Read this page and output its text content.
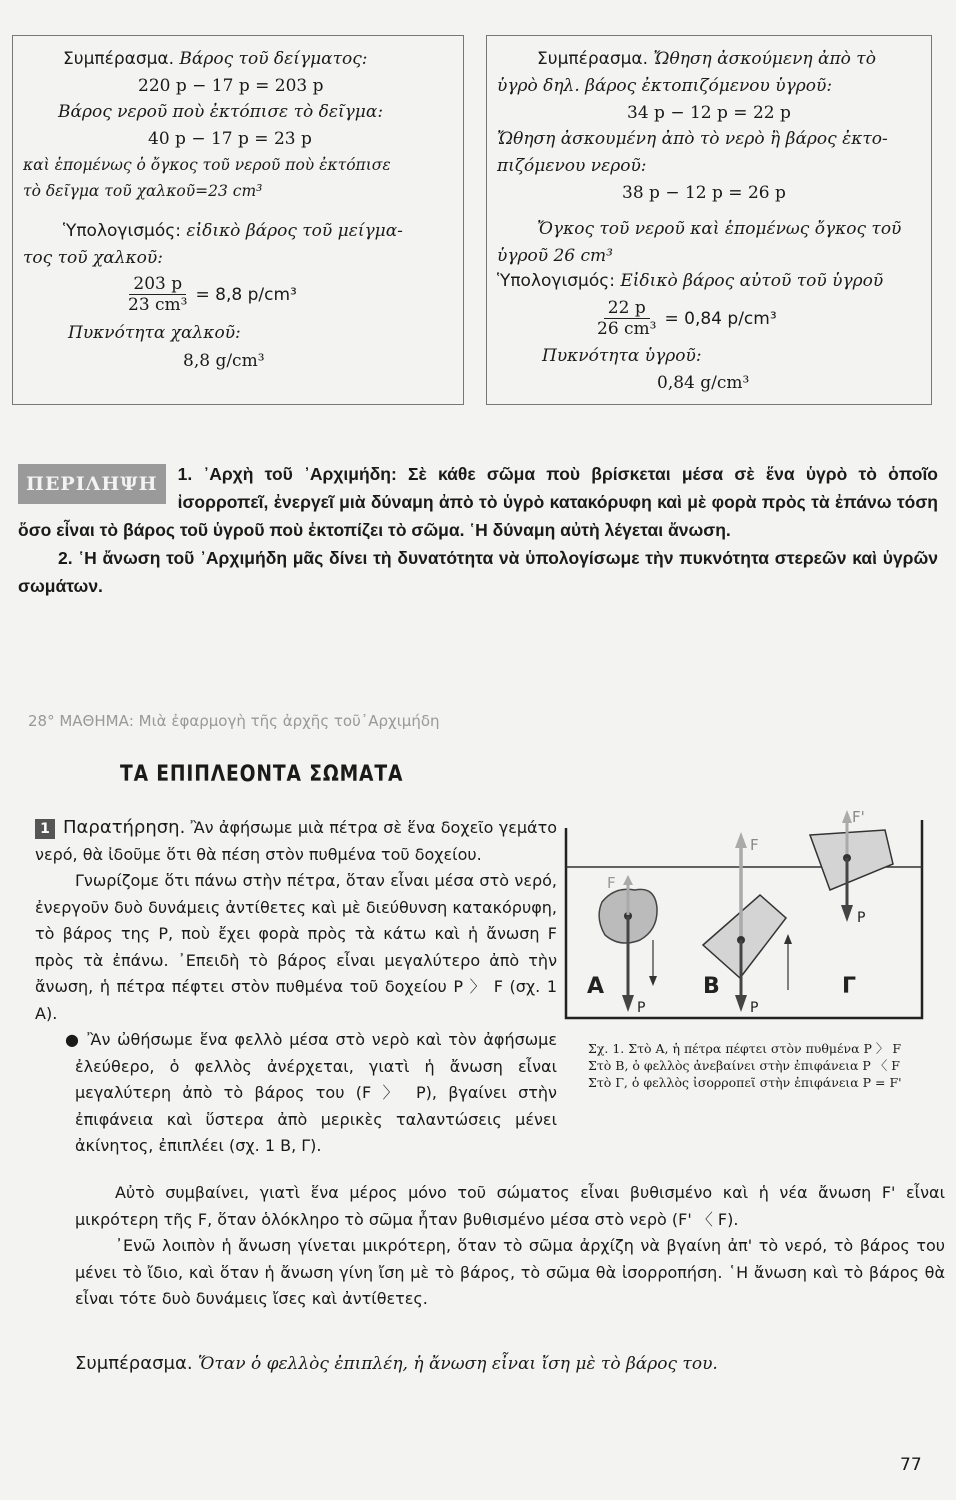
Συμπέρασμα. Βάρος τοῦ δείγματος:
220 p − 17 p = 203 p
Βάρος νεροῦ ποὺ ἐκτόπισε τὸ δεῖγμα:
40 p − 17 p = 23 p
καὶ ἑπομένως ὁ ὄγκος τοῦ νεροῦ ποὺ ἐκτόπισε
τὸ δεῖγμα τοῦ χαλκοῦ=23 cm³
Ὑπολογισμός: εἰδικὸ βάρος τοῦ μείγμα-
τος τοῦ χαλκοῦ:
$\frac{203 p}{\text{23 cm³}} = 8,8$ p/cm³
Πυκνότητα χαλκοῦ:
8,8 g/cm³
Συμπέρασμα. Ὤθηση ἀσκούμενη ἀπὸ τὸ
ὑγρὸ δηλ. βάρος ἐκτοπιζόμενου ὑγροῦ:
34 p − 12 p = 22 p
Ὤθηση ἀσκουμένη ἀπὸ τὸ νερὸ ἢ βάρος ἐκτο-
πιζόμενου νεροῦ:
38 p − 12 p = 26 p
Ὄγκος τοῦ νεροῦ καὶ ἑπομένως ὄγκος τοῦ
ὑγροῦ 26 cm³
Ὑπολογισμός: Εἰδικὸ βάρος αὐτοῦ τοῦ ὑγροῦ
$\frac{22 p}{\text{26 cm³}} = 0,84$ p/cm³
Πυκνότητα ὑγροῦ:
0,84 g/cm³
ΠΕΡΙΛΗΨΗ	1. ᾿Αρχὴ τοῦ ᾿Αρχιμήδη: Σὲ κάθε σῶμα ποὺ βρίσκεται μέσα σὲ ἕνα ὑγρὸ τὸ ὁποῖο ἰσορροπεῖ, ἐνεργεῖ μιὰ δύναμη ἀπὸ τὸ ὑγρὸ κατακόρυφη καὶ μὲ φορὰ πρὸς τὰ ἐπάνω τόση ὅσο εἶναι τὸ βάρος τοῦ ὑγροῦ ποὺ ἐκτοπίζει τὸ σῶμα. ῾Η δύναμη αὐτὴ λέγεται ἄνωση.

2. ῾Η ἄνωση τοῦ ᾿Αρχιμήδη μᾶς δίνει τὴ δυνατότητα νὰ ὑπολογίσωμε τὴν πυκνότητα στερεῶν καὶ ὑγρῶν σωμάτων.

28° ΜΑΘΗΜΑ: Μιὰ ἐφαρμογὴ τῆς ἀρχῆς τοῦ᾿Αρχιμήδη
ΤΑ ΕΠΙΠΛΕΟΝΤΑ ΣΩΜΑΤΑ

1 Παρατήρηση. Ἂν ἀφήσωμε μιὰ πέτρα σὲ ἕνα δοχεῖο γεμάτο νερό, θὰ ἰδοῦμε ὅτι θὰ πέση στὸν πυθμένα τοῦ δοχείου.

Γνωρίζομε ὅτι πάνω στὴν πέτρα, ὅταν εἶναι μέσα στὸ νερό, ἐνεργοῦν δυὸ δυνάμεις ἀντίθετες καὶ μὲ διεύθυνση κατακόρυφη, τὸ βάρος της P, ποὺ ἔχει φορὰ πρὸς τὰ κάτω καὶ ἡ ἄνωση F πρὸς τὰ ἐπάνω. ᾿Επειδὴ τὸ βάρος εἶναι μεγαλύτερο ἀπὸ τὴν ἄνωση, ἡ πέτρα πέφτει στὸν πυθμένα τοῦ δοχείου P 〉 F (σχ. 1 A).

● Ἂν ὠθήσωμε ἕνα φελλὸ μέσα στὸ νερὸ καὶ τὸν ἀφήσωμε ἐλεύθερο, ὁ φελλὸς ἀνέρχεται, γιατὶ ἡ ἄνωση εἶναι μεγαλύτερη ἀπὸ τὸ βάρος του (F 〉 P), βγαίνει στὴν ἐπιφάνεια καὶ ὕστερα ἀπὸ μερικὲς ταλαντώσεις μένει ἀκίνητος, ἐπιπλέει (σχ. 1 B, Γ).

Αὐτὸ συμβαίνει, γιατὶ ἕνα μέρος μόνο τοῦ σώματος εἶναι βυθισμένο καὶ ἡ νέα ἄνωση F' εἶναι μικρότερη τῆς F, ὅταν ὁλόκληρο τὸ σῶμα ἦταν βυθισμένο μέσα στὸ νερὸ (F' 〈 F).

᾿Ενῶ λοιπὸν ἡ ἄνωση γίνεται μικρότερη, ὅταν τὸ σῶμα ἀρχίζη νὰ βγαίνη ἀπ' τὸ νερό, τὸ βάρος του μένει τὸ ἴδιο, καὶ ὅταν ἡ ἄνωση γίνη ἴση μὲ τὸ βάρος, τὸ σῶμα θὰ ἰσορροπήση. ῾Η ἄνωση καὶ τὸ βάρος θὰ εἶναι τότε δυὸ δυνάμεις ἴσες καὶ ἀντίθετες.

A	B	Γ
F
F
F'
P	P
P
Σχ. 1. Στὸ A, ἡ πέτρα πέφτει στὸν πυθμένα P 〉 F
Στὸ B, ὁ φελλὸς ἀνεβαίνει στὴν ἐπιφάνεια P 〈 F
Στὸ Γ, ὁ φελλὸς ἰσορροπεῖ στὴν ἐπιφάνεια P = F'
Συμπέρασμα. Ὅταν ὁ φελλὸς ἐπιπλέη, ἡ ἄνωση εἶναι ἴση μὲ τὸ βάρος του.
77
